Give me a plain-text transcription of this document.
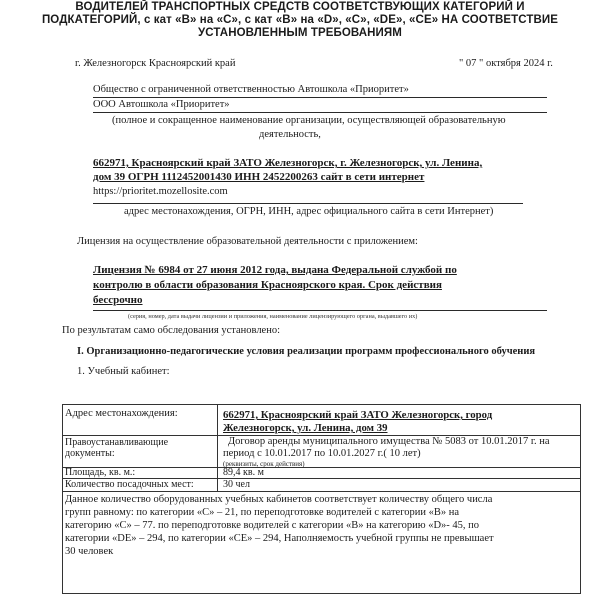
ВОДИТЕЛЕЙ ТРАНСПОРТНЫХ СРЕДСТВ СООТВЕТСТВУЮЩИХ КАТЕГОРИЙ И
ПОДКАТЕГОРИЙ, с кат «В» на «С», с кат «В» на «D», «С», «DE», «СЕ» НА СООТВЕТСТВИЕ
УСТАНОВЛЕННЫМ ТРЕБОВАНИЯМ
г. Железногорск Красноярский край	" 07 " октября 2024 г.
Общество с ограниченной ответственностью Автошкола «Приоритет»
ООО Автошкола «Приоритет»
(полное и сокращенное наименование организации, осуществляющей образовательную
деятельность,
662971, Красноярский край ЗАТО Железногорск, г. Железногорск, ул. Ленина,
дом 39 ОГРН 1112452001430 ИНН 2452200263 сайт в сети интернет
https://prioritet.mozellosite.com
адрес местонахождения, ОГРН, ИНН, адрес официального сайта в сети Интернет)
Лицензия на осуществление образовательной деятельности с приложением:
Лицензия № 6984 от 27 июня 2012 года, выдана Федеральной службой по
контролю в области образования Красноярского края. Срок действия
бессрочно
(серия, номер, дата выдачи лицензии и приложения, наименование лицензирующего органа, выдавшего их)
По результатам само обследования установлено:
I. Организационно-педагогические условия реализации программ профессионального обучения
1. Учебный кабинет:
Адрес местонахождения:	662971, Красноярский край ЗАТО Железногорск, город
Железногорск, ул. Ленина, дом 39
Правоустанавливающие
документы:
Договор аренды муниципального имущества № 5083 от 10.01.2017 г. на
период с 10.01.2017 по 10.01.2027 г.( 10 лет)
(реквизиты, срок действия)
Площадь, кв. м.:	89,4 кв. м
Количество посадочных мест:	30 чел
Данное количество оборудованных учебных кабинетов соответствует количеству общего числа
групп равному: по категории «С» – 21, по переподготовке водителей с категории «В» на
категорию «С» – 77. по переподготовке водителей с категории «В» на категорию «D»- 45, по
категории «DE» – 294, по категории «СЕ» – 294, Наполняемость учебной группы не превышает
30 человек
